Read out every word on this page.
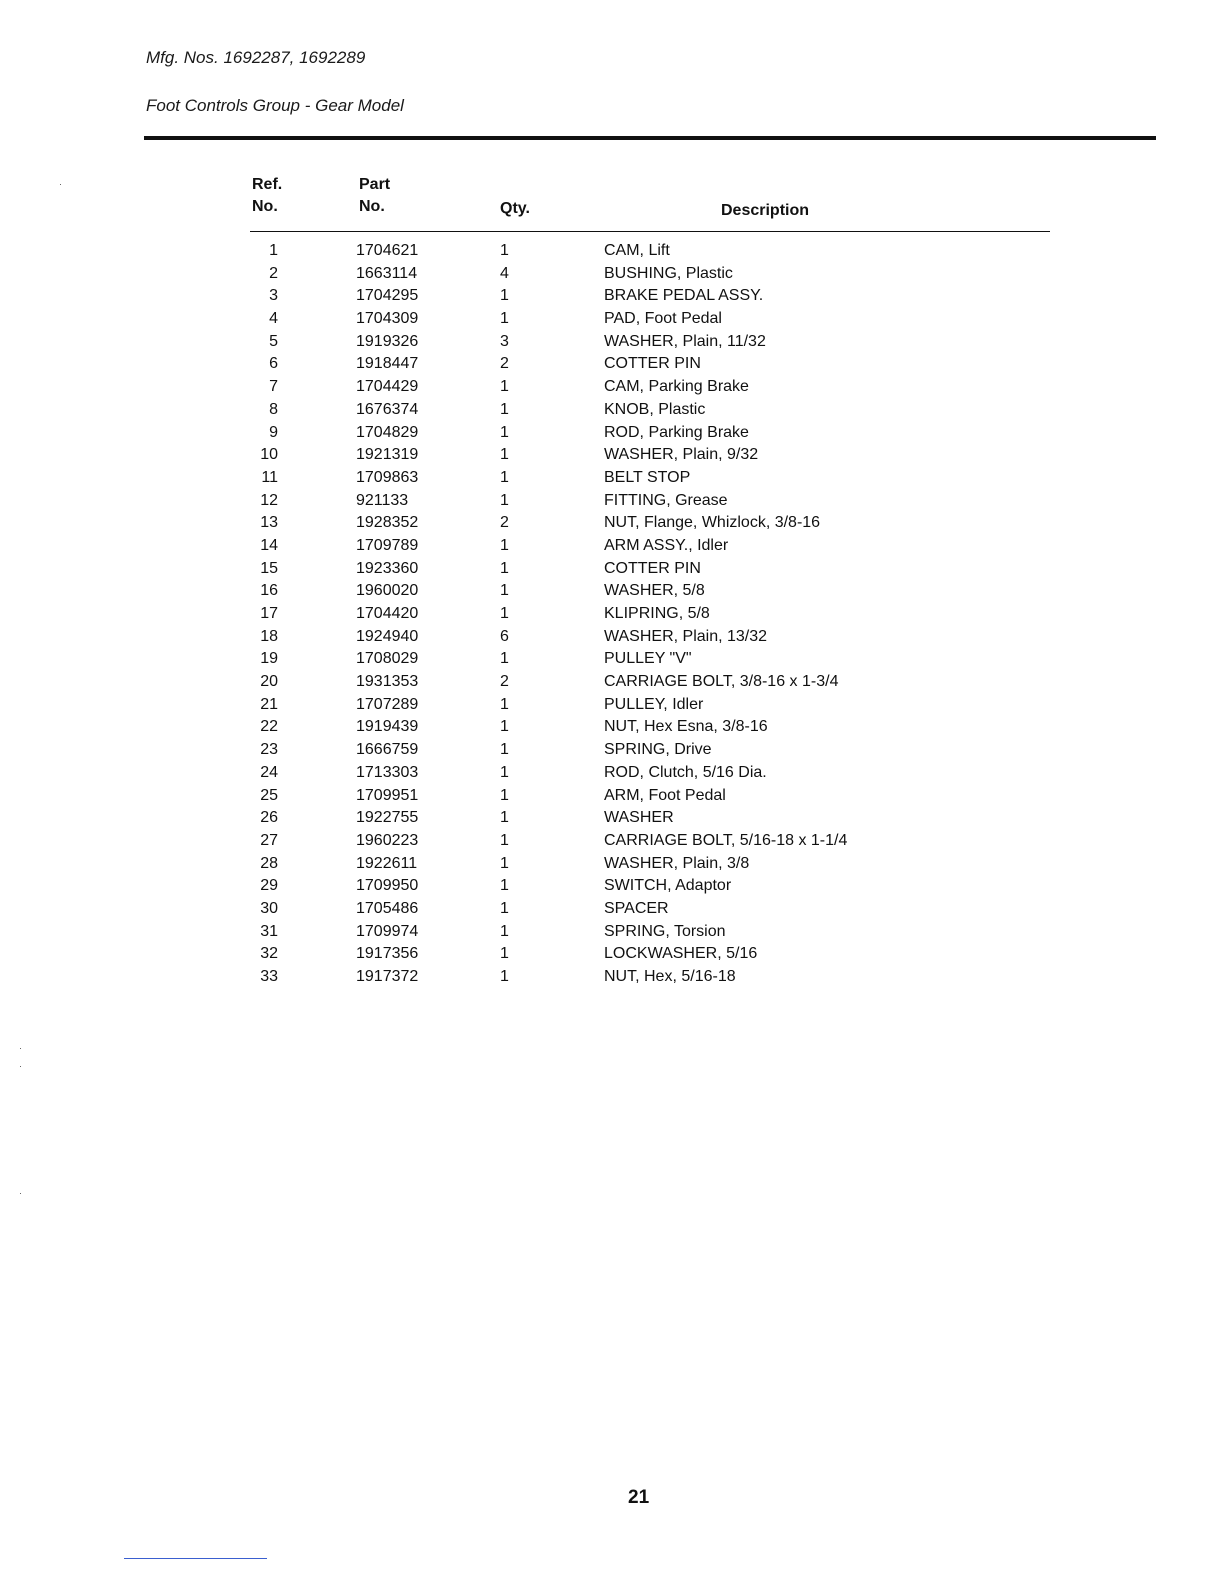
Mfg. Nos. 1692287, 1692289
Foot Controls Group - Gear Model
Ref.
No.
Part
No.	Qty.	Description
1	1704621	1	CAM, Lift
2	1663114	4	BUSHING, Plastic
3	1704295	1	BRAKE PEDAL ASSY.
4	1704309	1	PAD, Foot Pedal
5	1919326	3	WASHER, Plain, 11/32
6	1918447	2	COTTER PIN
7	1704429	1	CAM, Parking Brake
8	1676374	1	KNOB, Plastic
9	1704829	1	ROD, Parking Brake
10	1921319	1	WASHER, Plain, 9/32
11	1709863	1	BELT STOP
12	921133	1	FITTING, Grease
13	1928352	2	NUT, Flange, Whizlock, 3/8-16
14	1709789	1	ARM ASSY., Idler
15	1923360	1	COTTER PIN
16	1960020	1	WASHER, 5/8
17	1704420	1	KLIPRING, 5/8
18	1924940	6	WASHER, Plain, 13/32
19	1708029	1	PULLEY "V"
20	1931353	2	CARRIAGE BOLT, 3/8-16 x 1-3/4
21	1707289	1	PULLEY, Idler
22	1919439	1	NUT, Hex Esna, 3/8-16
23	1666759	1	SPRING, Drive
24	1713303	1	ROD, Clutch, 5/16 Dia.
25	1709951	1	ARM, Foot Pedal
26	1922755	1	WASHER
27	1960223	1	CARRIAGE BOLT, 5/16-18 x 1-1/4
28	1922611	1	WASHER, Plain, 3/8
29	1709950	1	SWITCH, Adaptor
30	1705486	1	SPACER
31	1709974	1	SPRING, Torsion
32	1917356	1	LOCKWASHER, 5/16
33	1917372	1	NUT, Hex, 5/16-18
21
